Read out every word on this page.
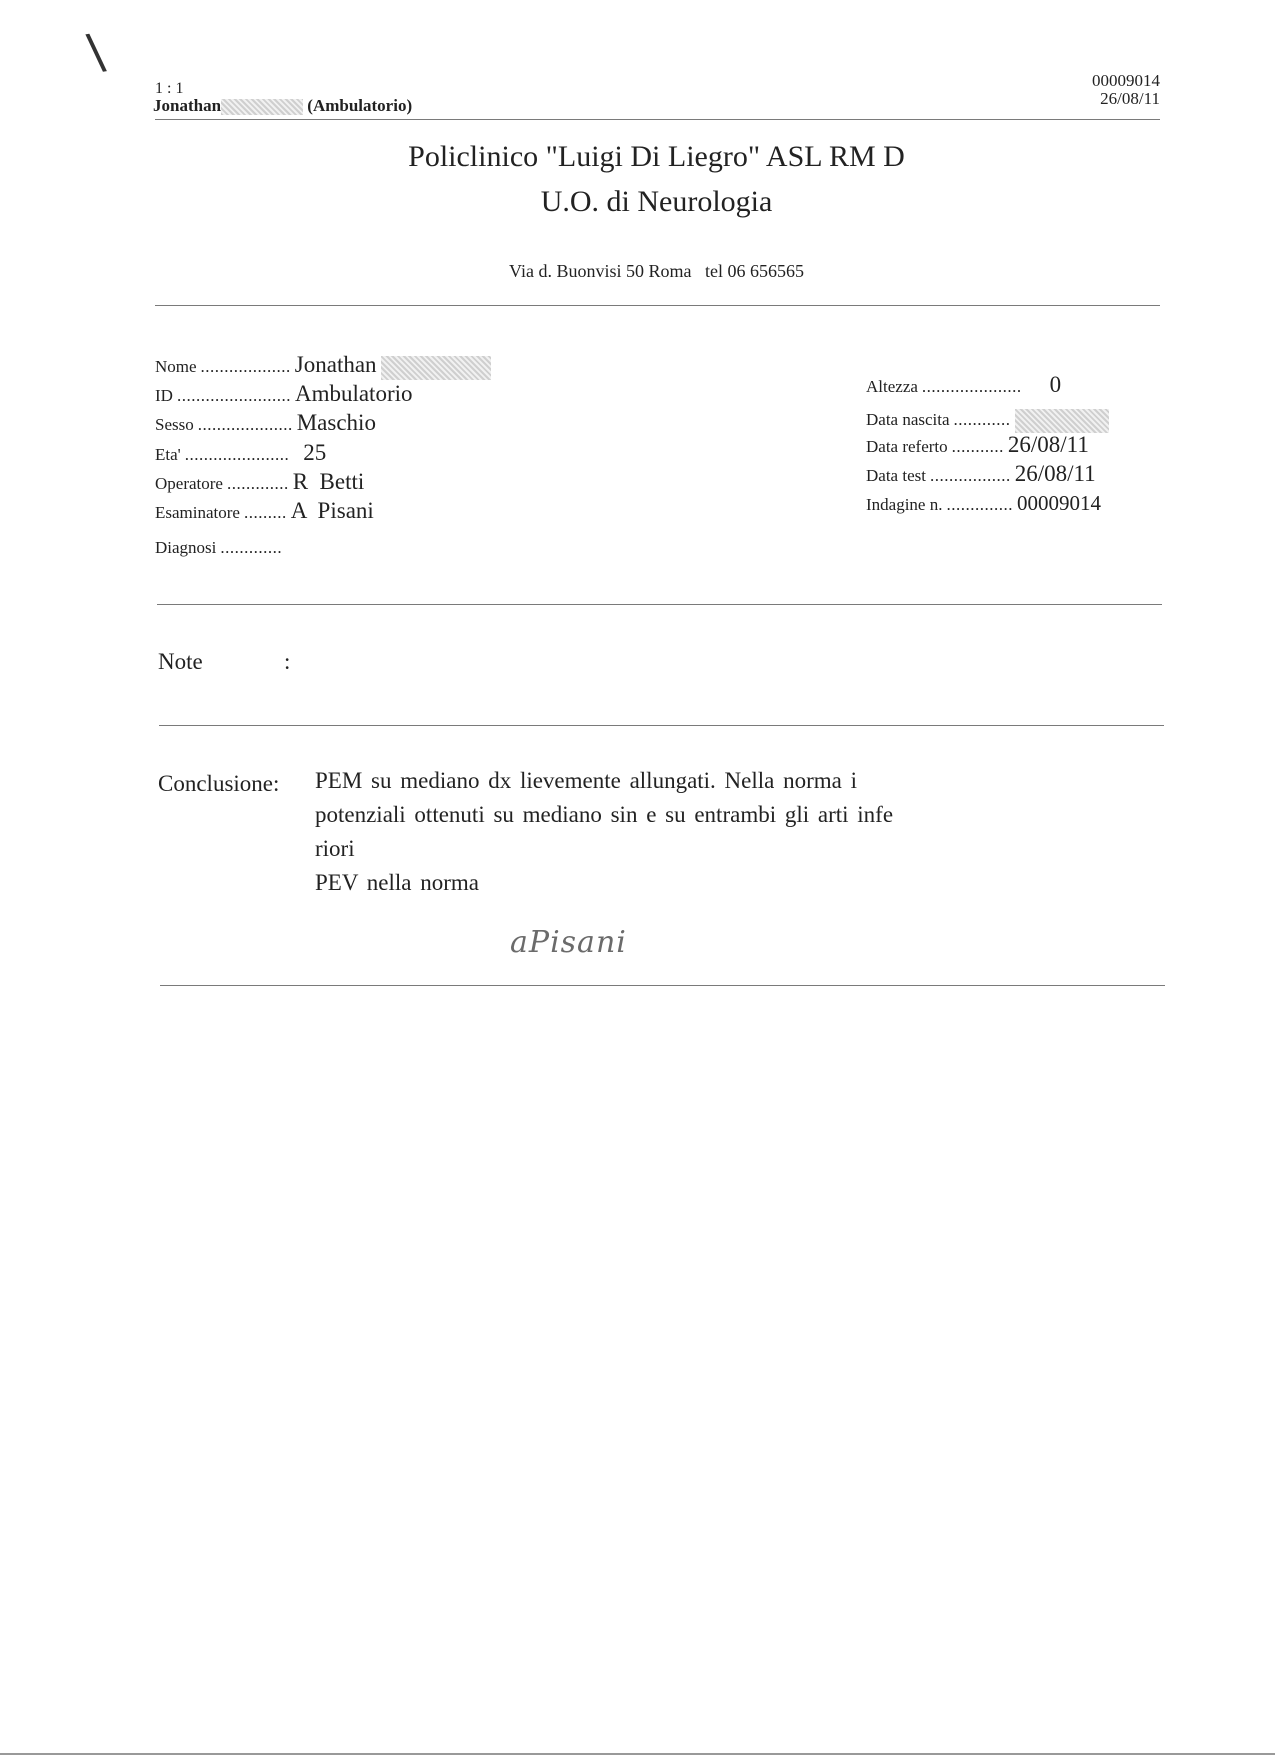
\
1 : 1
Jonathan	(Ambulatorio)
00009014
26/08/11
Policlinico "Luigi Di Liegro" ASL RM D
U.O. di Neurologia
Via d. Buonvisi 50 Roma   tel 06 656565
Nome ................... Jonathan
ID ........................ Ambulatorio
Sesso .................... Maschio
Eta' ...................... 25
Operatore ............. R  Betti
Esaminatore ......... A  Pisani
Diagnosi .............
Altezza ..................... 0
Data nascita ............
Data referto ........... 26/08/11
Data test ................. 26/08/11
Indagine n. .............. 00009014
Note	:
Conclusione: PEM su mediano dx lievemente allungati. Nella norma i
potenziali ottenuti su mediano sin e su entrambi gli arti infe
riori
PEV nella norma
aPisani
